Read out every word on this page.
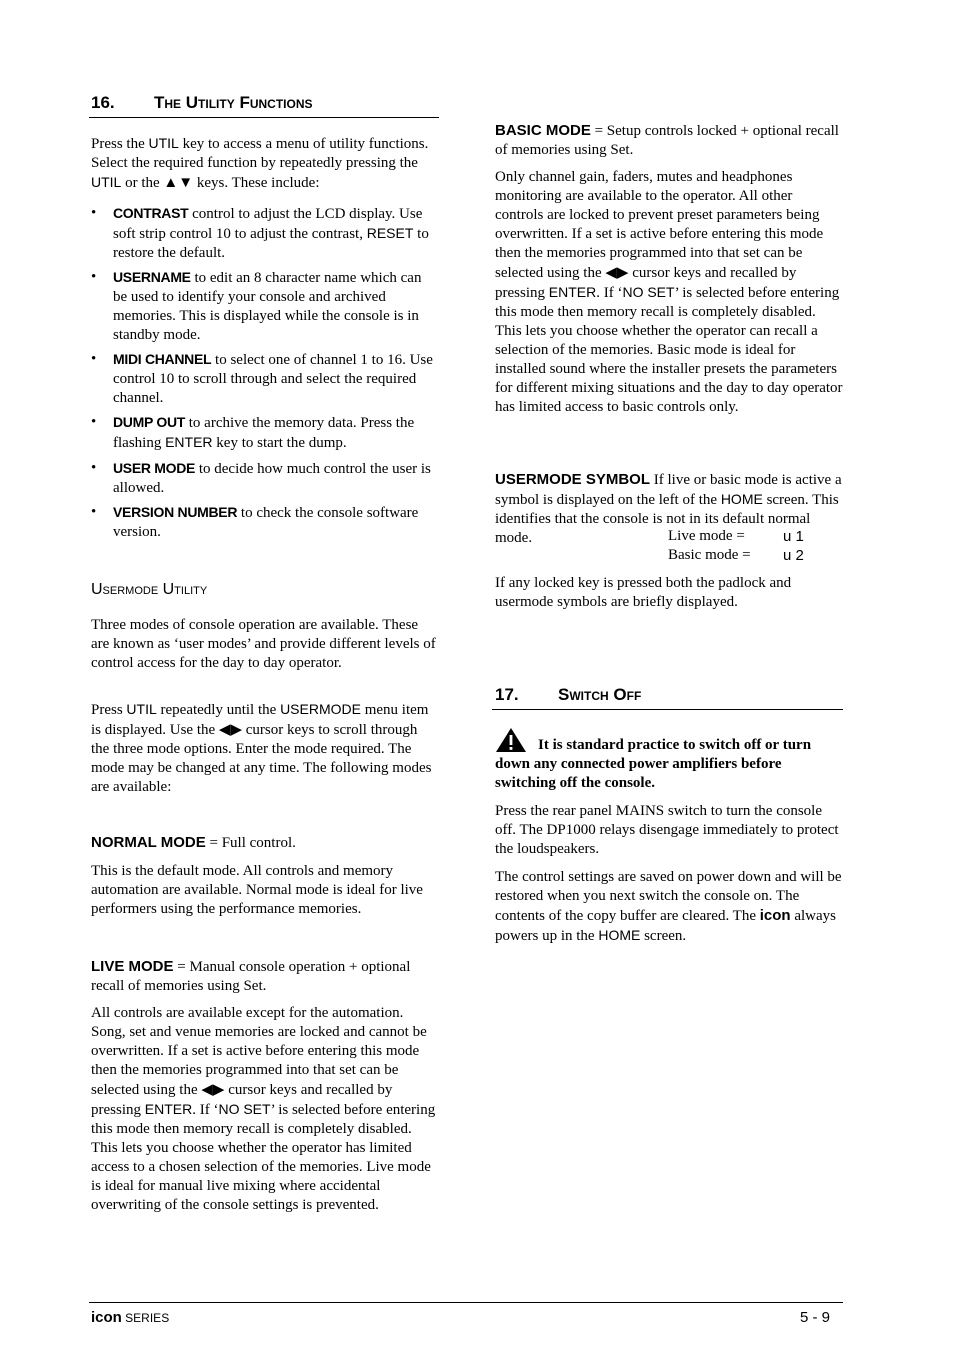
16. The Utility Functions

Press the UTIL key to access a menu of utility functions. Select the required function by repeatedly pressing the UTIL or the ▲▼ keys. These include:

• CONTRAST control to adjust the LCD display. Use soft strip control 10 to adjust the contrast, RESET to restore the default.
• USERNAME to edit an 8 character name which can be used to identify your console and archived memories. This is displayed while the console is in standby mode.
• MIDI CHANNEL to select one of channel 1 to 16. Use control 10 to scroll through and select the required channel.
• DUMP OUT to archive the memory data. Press the flashing ENTER key to start the dump.
• USER MODE to decide how much control the user is allowed.
• VERSION NUMBER to check the console software version.
Usermode Utility

Three modes of console operation are available. These are known as ‘user modes’ and provide different levels of control access for the day to day operator.

Press UTIL repeatedly until the USERMODE menu item is displayed. Use the ◀▶ cursor keys to scroll through the three mode options. Enter the mode required. The mode may be changed at any time. The following modes are available:

NORMAL MODE = Full control.

This is the default mode. All controls and memory automation are available. Normal mode is ideal for live performers using the performance memories.

LIVE MODE = Manual console operation + optional recall of memories using Set.

All controls are available except for the automation. Song, set and venue memories are locked and cannot be overwritten. If a set is active before entering this mode then the memories programmed into that set can be selected using the ◀▶ cursor keys and recalled by pressing ENTER. If ‘NO SET’ is selected before entering this mode then memory recall is completely disabled. This lets you choose whether the operator has limited access to a chosen selection of the memories. Live mode is ideal for manual live mixing where accidental overwriting of the console settings is prevented.

BASIC MODE = Setup controls locked + optional recall of memories using Set.

Only channel gain, faders, mutes and headphones monitoring are available to the operator. All other controls are locked to prevent preset parameters being overwritten. If a set is active before entering this mode then the memories programmed into that set can be selected using the ◀▶ cursor keys and recalled by pressing ENTER. If ‘NO SET’ is selected before entering this mode then memory recall is completely disabled. This lets you choose whether the operator can recall a selection of the memories. Basic mode is ideal for installed sound where the installer presets the parameters for different mixing situations and the day to day operator has limited access to basic controls only.

USERMODE SYMBOL If live or basic mode is active a symbol is displayed on the left of the HOME screen. This identifies that the console is not in its default normal mode.

Basic mode = u 2
Live mode =	u 1

If any locked key is pressed both the padlock and usermode symbols are briefly displayed.

17. Switch Off

It is standard practice to switch off or turn down any connected power amplifiers before switching off the console.

Press the rear panel MAINS switch to turn the console off. The DP1000 relays disengage immediately to protect the loudspeakers.

The control settings are saved on power down and will be restored when you next switch the console on. The contents of the copy buffer are cleared. The icon always powers up in the HOME screen.

icon SERIES	5 - 9
